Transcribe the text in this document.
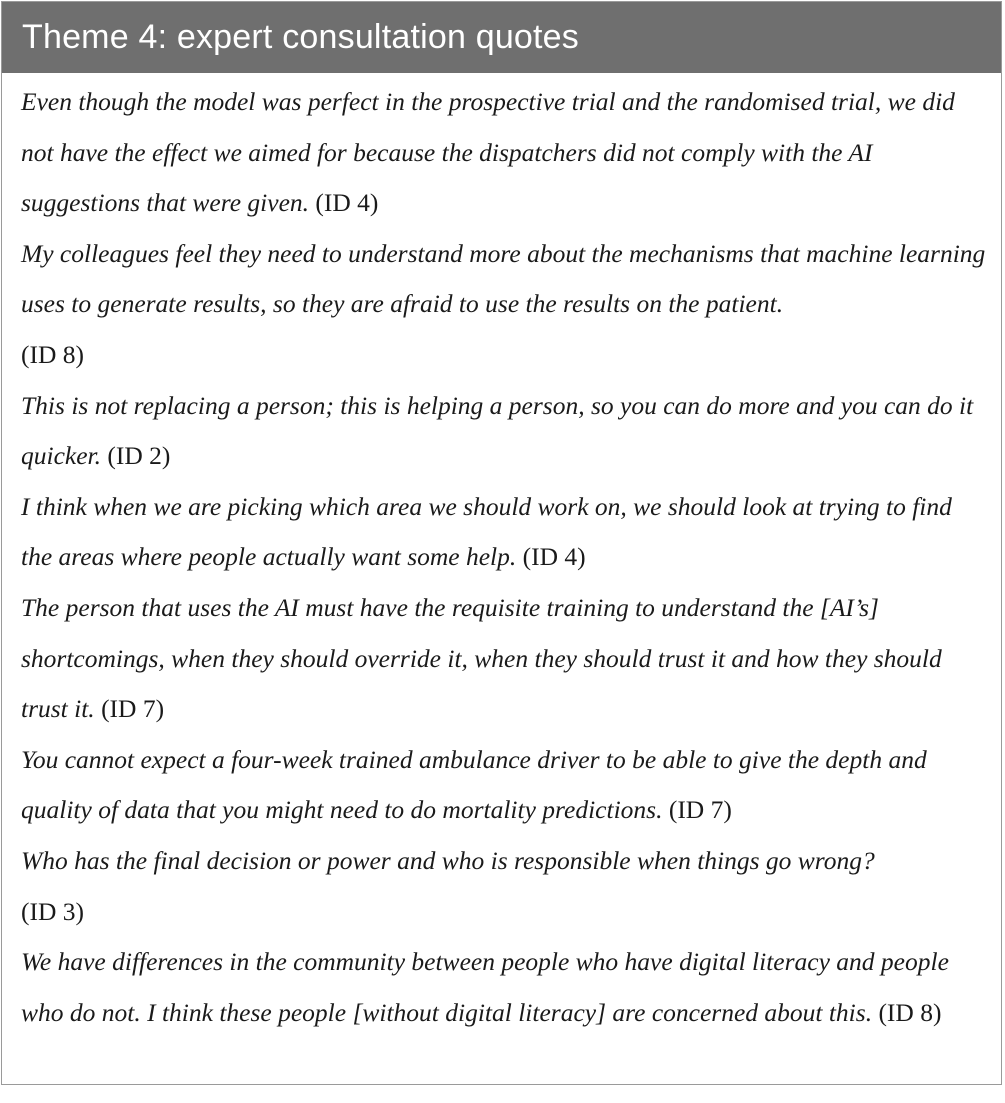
Theme 4: expert consultation quotes

Even though the model was perfect in the prospective trial and the randomised trial, we did not have the effect we aimed for because the dispatchers did not comply with the AI suggestions that were given. (ID 4)

My colleagues feel they need to understand more about the mechanisms that machine learning uses to generate results, so they are afraid to use the results on the patient.
(ID 8)

This is not replacing a person; this is helping a person, so you can do more and you can do it quicker. (ID 2)

I think when we are picking which area we should work on, we should look at trying to find the areas where people actually want some help. (ID 4)

The person that uses the AI must have the requisite training to understand the [AI’s] shortcomings, when they should override it, when they should trust it and how they should trust it. (ID 7)

You cannot expect a four-week trained ambulance driver to be able to give the depth and quality of data that you might need to do mortality predictions. (ID 7)

Who has the final decision or power and who is responsible when things go wrong?
(ID 3)

We have differences in the community between people who have digital literacy and people who do not. I think these people [without digital literacy] are concerned about this. (ID 8)
